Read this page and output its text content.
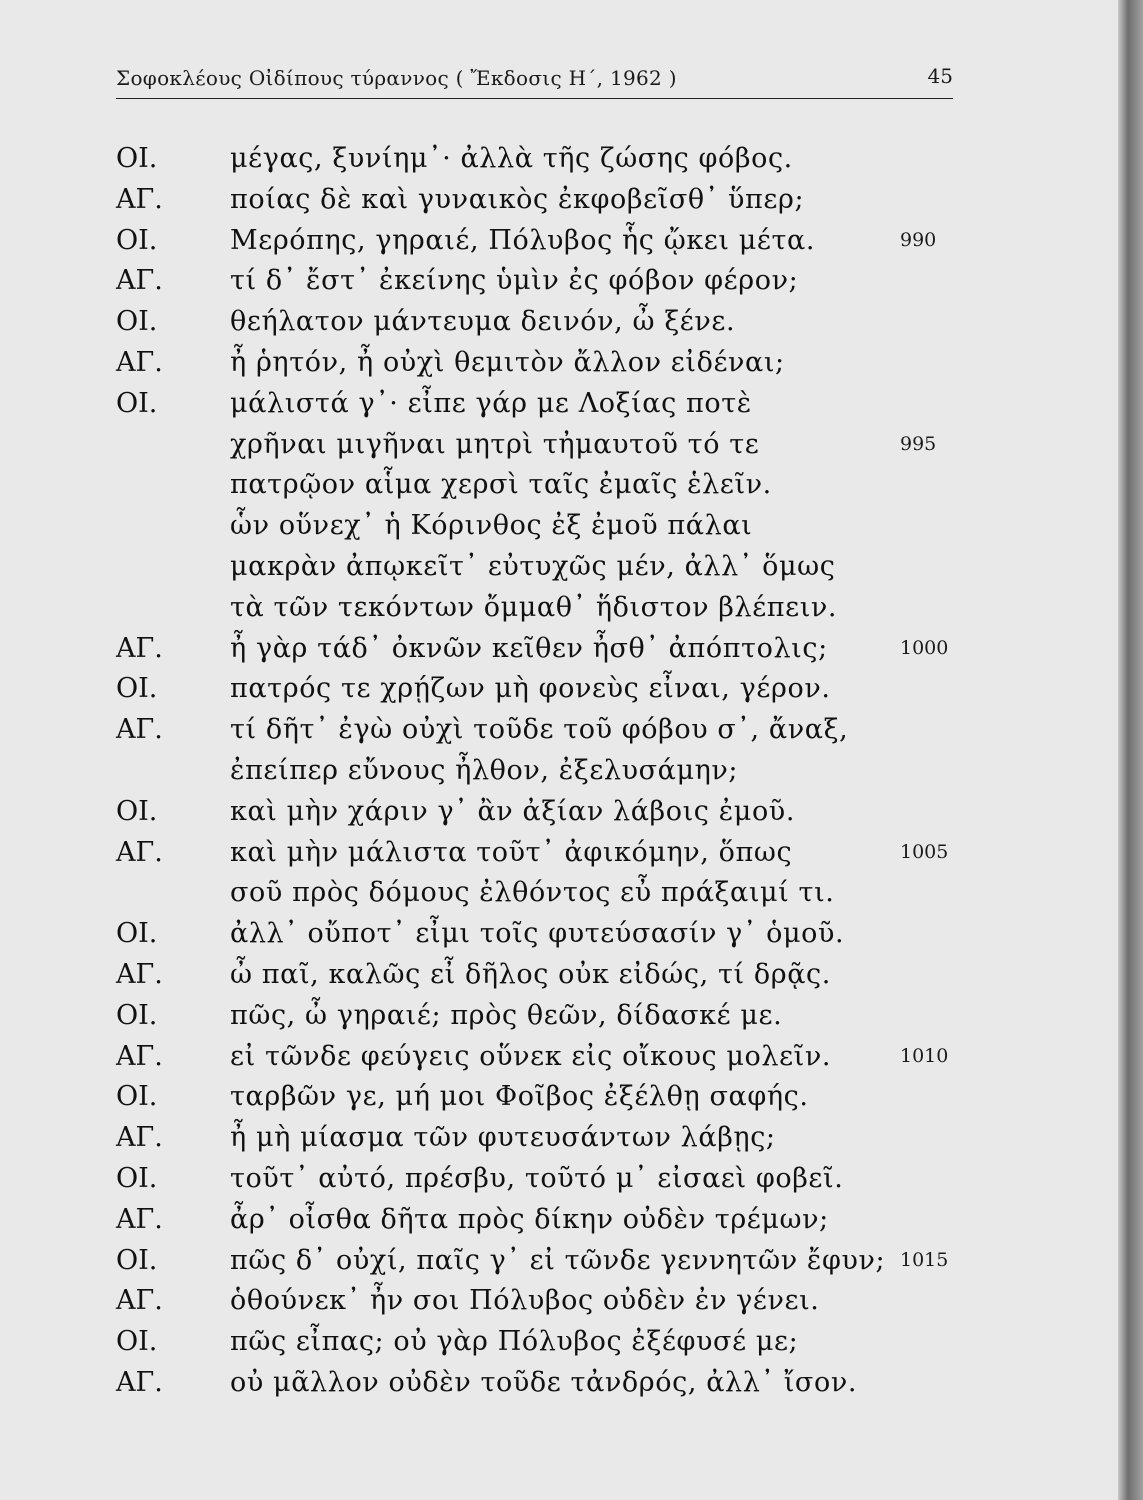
Σοφοκλέους Οἰδίπους τύραννος ( Ἔκδοσις Η΄, 1962 )	45
ΟΙ.	μέγας, ξυνίημ᾽· ἀλλὰ τῆς ζώσης φόβος.
ΑΓ.	ποίας δὲ καὶ γυναικὸς ἐκφοβεῖσθ᾽ ὕπερ;
ΟΙ.	Μερόπης, γηραιέ, Πόλυβος ἧς ᾤκει μέτα.	990
ΑΓ.	τί δ᾽ ἔστ᾽ ἐκείνης ὑμὶν ἐς φόβον φέρον;
ΟΙ.	θεήλατον μάντευμα δεινόν, ὦ ξένε.
ΑΓ.	ἦ ῥητόν, ἦ οὐχὶ θεμιτὸν ἄλλον εἰδέναι;
ΟΙ.	μάλιστά γ᾽· εἶπε γάρ με Λοξίας ποτὲ
χρῆναι μιγῆναι μητρὶ τἠμαυτοῦ τό τε	995
πατρῷον αἷμα χερσὶ ταῖς ἐμαῖς ἑλεῖν.
ὧν οὕνεχ᾽ ἡ Κόρινθος ἐξ ἐμοῦ πάλαι
μακρὰν ἀπῳκεῖτ᾽ εὐτυχῶς μέν, ἀλλ᾽ ὅμως
τὰ τῶν τεκόντων ὄμμαθ᾽ ἥδιστον βλέπειν.
ΑΓ.	ἦ γὰρ τάδ᾽ ὀκνῶν κεῖθεν ἦσθ᾽ ἀπόπτολις;	1000
ΟΙ.	πατρός τε χρῄζων μὴ φονεὺς εἶναι, γέρον.
ΑΓ.	τί δῆτ᾽ ἐγὼ οὐχὶ τοῦδε τοῦ φόβου σ᾽, ἄναξ,
ἐπείπερ εὔνους ἦλθον, ἐξελυσάμην;
ΟΙ.	καὶ μὴν χάριν γ᾽ ἂν ἀξίαν λάβοις ἐμοῦ.
ΑΓ.	καὶ μὴν μάλιστα τοῦτ᾽ ἀφικόμην, ὅπως	1005
σοῦ πρὸς δόμους ἐλθόντος εὖ πράξαιμί τι.
ΟΙ.	ἀλλ᾽ οὔποτ᾽ εἶμι τοῖς φυτεύσασίν γ᾽ ὁμοῦ.
ΑΓ.	ὦ παῖ, καλῶς εἶ δῆλος οὐκ εἰδώς, τί δρᾷς.
ΟΙ.	πῶς, ὦ γηραιέ; πρὸς θεῶν, δίδασκέ με.
ΑΓ.	εἰ τῶνδε φεύγεις οὕνεκ εἰς οἴκους μολεῖν.	1010
ΟΙ.	ταρβῶν γε, μή μοι Φοῖβος ἐξέλθῃ σαφής.
ΑΓ.	ἦ μὴ μίασμα τῶν φυτευσάντων λάβῃς;
ΟΙ.	τοῦτ᾽ αὐτό, πρέσβυ, τοῦτό μ᾽ εἰσαεὶ φοβεῖ.
ΑΓ.	ἆρ᾽ οἶσθα δῆτα πρὸς δίκην οὐδὲν τρέμων;
ΟΙ.	πῶς δ᾽ οὐχί, παῖς γ᾽ εἰ τῶνδε γεννητῶν ἔφυν; 1015
ΑΓ.	ὁθούνεκ᾽ ἦν σοι Πόλυβος οὐδὲν ἐν γένει.
ΟΙ.	πῶς εἶπας; οὐ γὰρ Πόλυβος ἐξέφυσέ με;
ΑΓ.	οὐ μᾶλλον οὐδὲν τοῦδε τἀνδρός, ἀλλ᾽ ἴσον.
